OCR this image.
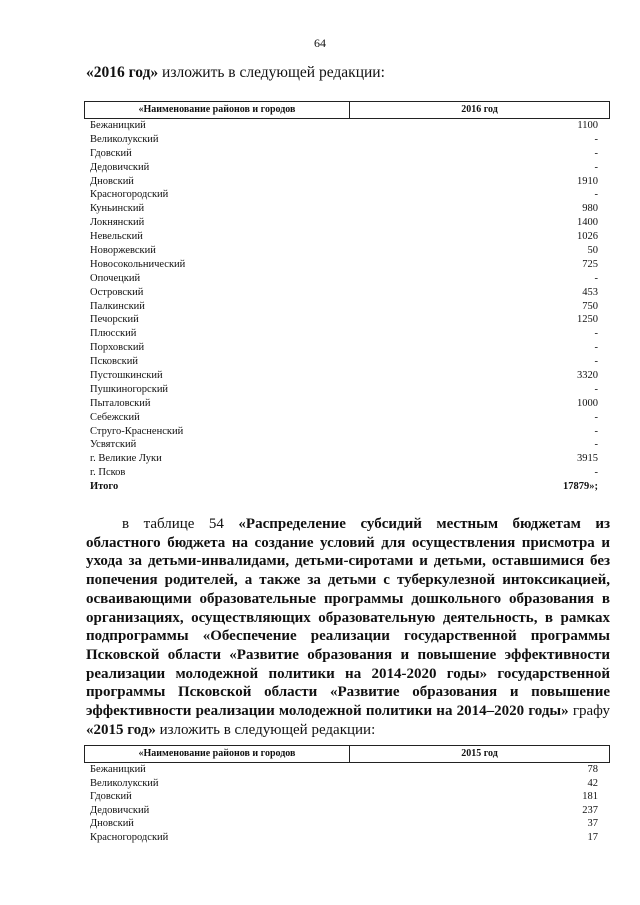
64
«2016 год» изложить в следующей редакции:
«Наименование районов и городов	2016 год
Бежаницкий	1100
Великолукский	-
Гдовский	-
Дедовичский	-
Дновский	1910
Красногородский	-
Куньинский	980
Локнянский	1400
Невельский	1026
Новоржевский	50
Новосокольнический	725
Опочецкий	-
Островский	453
Палкинский	750
Печорский	1250
Плюсский	-
Порховский	-
Псковский	-
Пустошкинский	3320
Пушкиногорский	-
Пыталовский	1000
Себежский	-
Струго-Красненский	-
Усвятский	-
г. Великие Луки	3915
г. Псков	-
Итого	17879»;
в таблице 54 «Распределение субсидий местным бюджетам из областного бюджета на создание условий для осуществления присмотра и ухода за детьми-инвалидами, детьми-сиротами и детьми, оставшимися без попечения родителей, а также за детьми с туберкулезной интоксикацией, осваивающими образовательные программы дошкольного образования в организациях, осуществляющих образовательную деятельность, в рамках подпрограммы «Обеспечение реализации государственной программы Псковской области «Развитие образования и повышение эффективности реализации молодежной политики на 2014-2020 годы» государственной программы Псковской области «Развитие образования и повышение эффективности реализации молодежной политики на 2014–2020 годы» графу «2015 год» изложить в следующей редакции:
«Наименование районов и городов	2015 год
Бежаницкий	78
Великолукский	42
Гдовский	181
Дедовичский	237
Дновский	37
Красногородский	17
